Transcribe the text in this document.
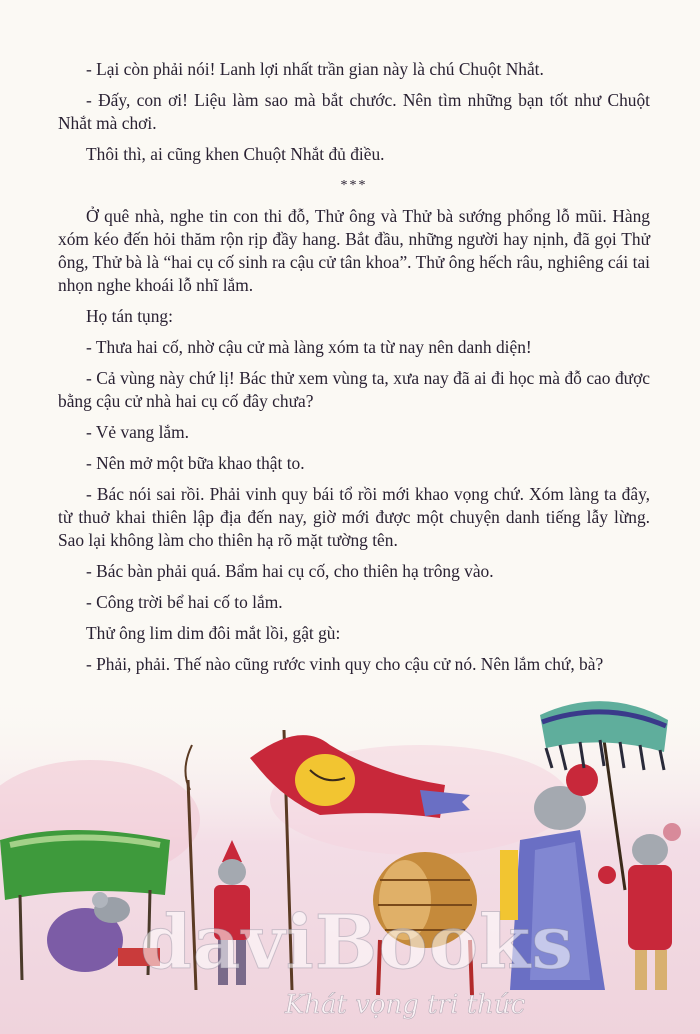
- Lại còn phải nói! Lanh lợi nhất trần gian này là chú Chuột Nhắt.

- Đấy, con ơi! Liệu làm sao mà bắt chước. Nên tìm những bạn tốt như Chuột Nhắt mà chơi.

Thôi thì, ai cũng khen Chuột Nhắt đủ điều.

***

Ở quê nhà, nghe tin con thi đỗ, Thử ông và Thử bà sướng phổng lỗ mũi. Hàng xóm kéo đến hỏi thăm rộn rịp đầy hang. Bắt đầu, những người hay nịnh, đã gọi Thử ông, Thử bà là “hai cụ cố sinh ra cậu cử tân khoa”. Thử ông hếch râu, nghiêng cái tai nhọn nghe khoái lỗ nhĩ lắm.

Họ tán tụng:

- Thưa hai cố, nhờ cậu cử mà làng xóm ta từ nay nên danh diện!

- Cả vùng này chứ lị! Bác thử xem vùng ta, xưa nay đã ai đi học mà đỗ cao được bằng cậu cử nhà hai cụ cố đây chưa?

- Vẻ vang lắm.

- Nên mở một bữa khao thật to.

- Bác nói sai rồi. Phải vinh quy bái tổ rồi mới khao vọng chứ. Xóm làng ta đây, từ thuở khai thiên lập địa đến nay, giờ mới được một chuyện danh tiếng lẫy lừng. Sao lại không làm cho thiên hạ rõ mặt tường tên.

- Bác bàn phải quá. Bẩm hai cụ cố, cho thiên hạ trông vào.

- Công trời bể hai cố to lắm.

Thử ông lim dim đôi mắt lồi, gật gù:

- Phải, phải. Thế nào cũng rước vinh quy cho cậu cử nó. Nên lắm chứ, bà?

daviBooks
Khát vọng tri thức
